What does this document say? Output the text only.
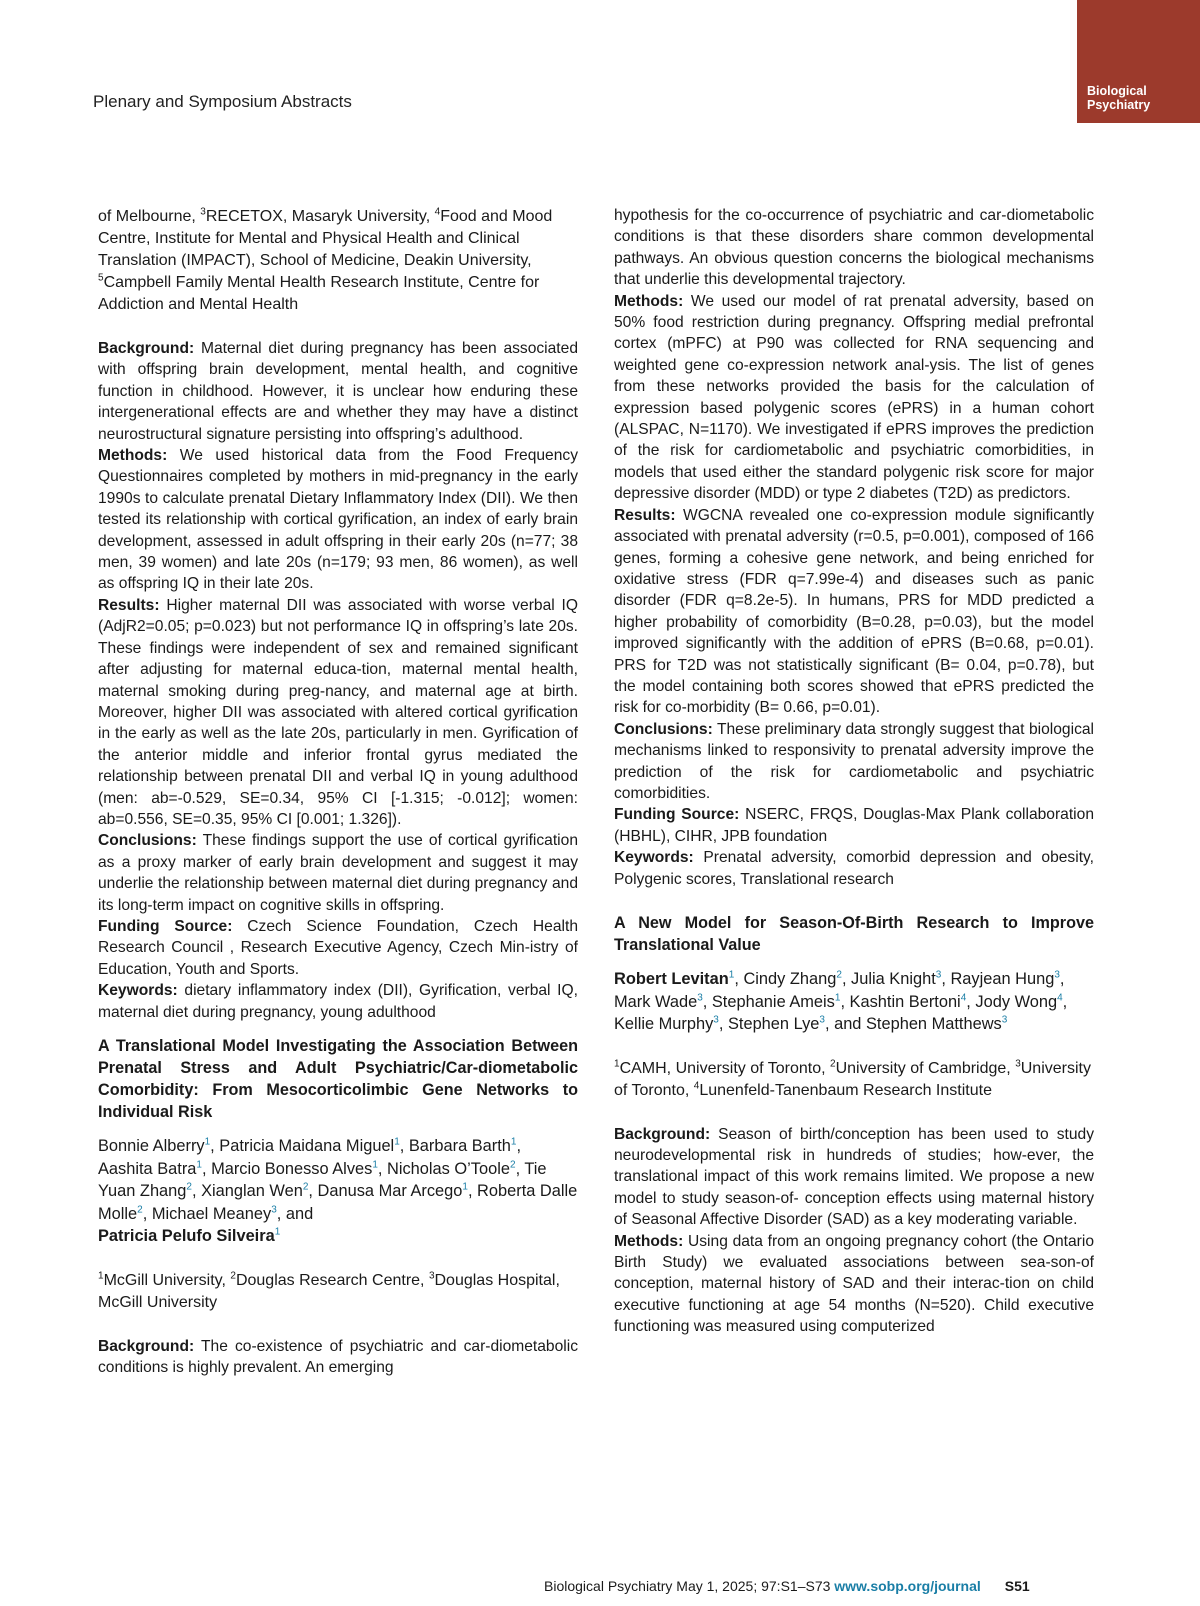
Plenary and Symposium Abstracts
Biological
Psychiatry

of Melbourne, $^3$RECETOX, Masaryk University, $^4$Food and Mood Centre, Institute for Mental and Physical Health and Clinical Translation (IMPACT), School of Medicine, Deakin University, $^5$Campbell Family Mental Health Research Institute, Centre for Addiction and Mental Health

Background: Maternal diet during pregnancy has been associated with offspring brain development, mental health, and cognitive function in childhood. However, it is unclear how enduring these intergenerational effects are and whether they may have a distinct neurostructural signature persisting into offspring’s adulthood.

Methods: We used historical data from the Food Frequency Questionnaires completed by mothers in mid-pregnancy in the early 1990s to calculate prenatal Dietary Inflammatory Index (DII). We then tested its relationship with cortical gyrification, an index of early brain development, assessed in adult offspring in their early 20s (n=77; 38 men, 39 women) and late 20s (n=179; 93 men, 86 women), as well as offspring IQ in their late 20s.

Results: Higher maternal DII was associated with worse verbal IQ (AdjR2=0.05; p=0.023) but not performance IQ in offspring’s late 20s. These findings were independent of sex and remained significant after adjusting for maternal educa-tion, maternal mental health, maternal smoking during preg-nancy, and maternal age at birth. Moreover, higher DII was associated with altered cortical gyrification in the early as well as the late 20s, particularly in men. Gyrification of the anterior middle and inferior frontal gyrus mediated the relationship between prenatal DII and verbal IQ in young adulthood (men: ab=-0.529, SE=0.34, 95% CI [-1.315; -0.012]; women: ab=0.556, SE=0.35, 95% CI [0.001; 1.326]).

Conclusions: These findings support the use of cortical gyrification as a proxy marker of early brain development and suggest it may underlie the relationship between maternal diet during pregnancy and its long-term impact on cognitive skills in offspring.

Funding Source: Czech Science Foundation, Czech Health Research Council , Research Executive Agency, Czech Min-istry of Education, Youth and Sports.

Keywords: dietary inflammatory index (DII), Gyrification, verbal IQ, maternal diet during pregnancy, young adulthood

A Translational Model Investigating the Association Between Prenatal Stress and Adult Psychiatric/Car-diometabolic Comorbidity: From Mesocorticolimbic Gene Networks to Individual Risk

Bonnie Alberry$^1$, Patricia Maidana Miguel$^1$, Barbara Barth$^1$, Aashita Batra$^1$, Marcio Bonesso Alves$^1$, Nicholas O’Toole$^2$, Tie Yuan Zhang$^2$, Xianglan Wen$^2$, Danusa Mar Arcego$^1$, Roberta Dalle Molle$^2$, Michael Meaney$^3$, and
Patricia Pelufo Silveira$^1$

$^1$McGill University, $^2$Douglas Research Centre, $^3$Douglas Hospital, McGill University

Background: The co-existence of psychiatric and car-diometabolic conditions is highly prevalent. An emerging

hypothesis for the co-occurrence of psychiatric and car-diometabolic conditions is that these disorders share common developmental pathways. An obvious question concerns the biological mechanisms that underlie this developmental trajectory.

Methods: We used our model of rat prenatal adversity, based on 50% food restriction during pregnancy. Offspring medial prefrontal cortex (mPFC) at P90 was collected for RNA sequencing and weighted gene co-expression network anal-ysis. The list of genes from these networks provided the basis for the calculation of expression based polygenic scores (ePRS) in a human cohort (ALSPAC, N=1170). We investigated if ePRS improves the prediction of the risk for cardiometabolic and psychiatric comorbidities, in models that used either the standard polygenic risk score for major depressive disorder (MDD) or type 2 diabetes (T2D) as predictors.

Results: WGCNA revealed one co-expression module significantly associated with prenatal adversity (r=0.5, p=0.001), composed of 166 genes, forming a cohesive gene network, and being enriched for oxidative stress (FDR q=7.99e-4) and diseases such as panic disorder (FDR q=8.2e-5). In humans, PRS for MDD predicted a higher probability of comorbidity (B=0.28, p=0.03), but the model improved significantly with the addition of ePRS (B=0.68, p=0.01). PRS for T2D was not statistically significant (B= 0.04, p=0.78), but the model containing both scores showed that ePRS predicted the risk for co-morbidity (B= 0.66, p=0.01).

Conclusions: These preliminary data strongly suggest that biological mechanisms linked to responsivity to prenatal adversity improve the prediction of the risk for cardiometabolic and psychiatric comorbidities.

Funding Source: NSERC, FRQS, Douglas-Max Plank collaboration (HBHL), CIHR, JPB foundation

Keywords: Prenatal adversity, comorbid depression and obesity, Polygenic scores, Translational research

A New Model for Season-Of-Birth Research to Improve Translational Value

Robert Levitan$^1$, Cindy Zhang$^2$, Julia Knight$^3$, Rayjean Hung$^3$, Mark Wade$^3$, Stephanie Ameis$^1$, Kashtin Bertoni$^4$, Jody Wong$^4$, Kellie Murphy$^3$, Stephen Lye$^3$, and Stephen Matthews$^3$

$^1$CAMH, University of Toronto, $^2$University of Cambridge, $^3$University of Toronto, $^4$Lunenfeld-Tanenbaum Research Institute

Background: Season of birth/conception has been used to study neurodevelopmental risk in hundreds of studies; how-ever, the translational impact of this work remains limited. We propose a new model to study season-of- conception effects using maternal history of Seasonal Affective Disorder (SAD) as a key moderating variable.

Methods: Using data from an ongoing pregnancy cohort (the Ontario Birth Study) we evaluated associations between sea-son-of conception, maternal history of SAD and their interac-tion on child executive functioning at age 54 months (N=520). Child executive functioning was measured using computerized

Biological Psychiatry May 1, 2025; 97:S1–S73 www.sobp.org/journal S51
